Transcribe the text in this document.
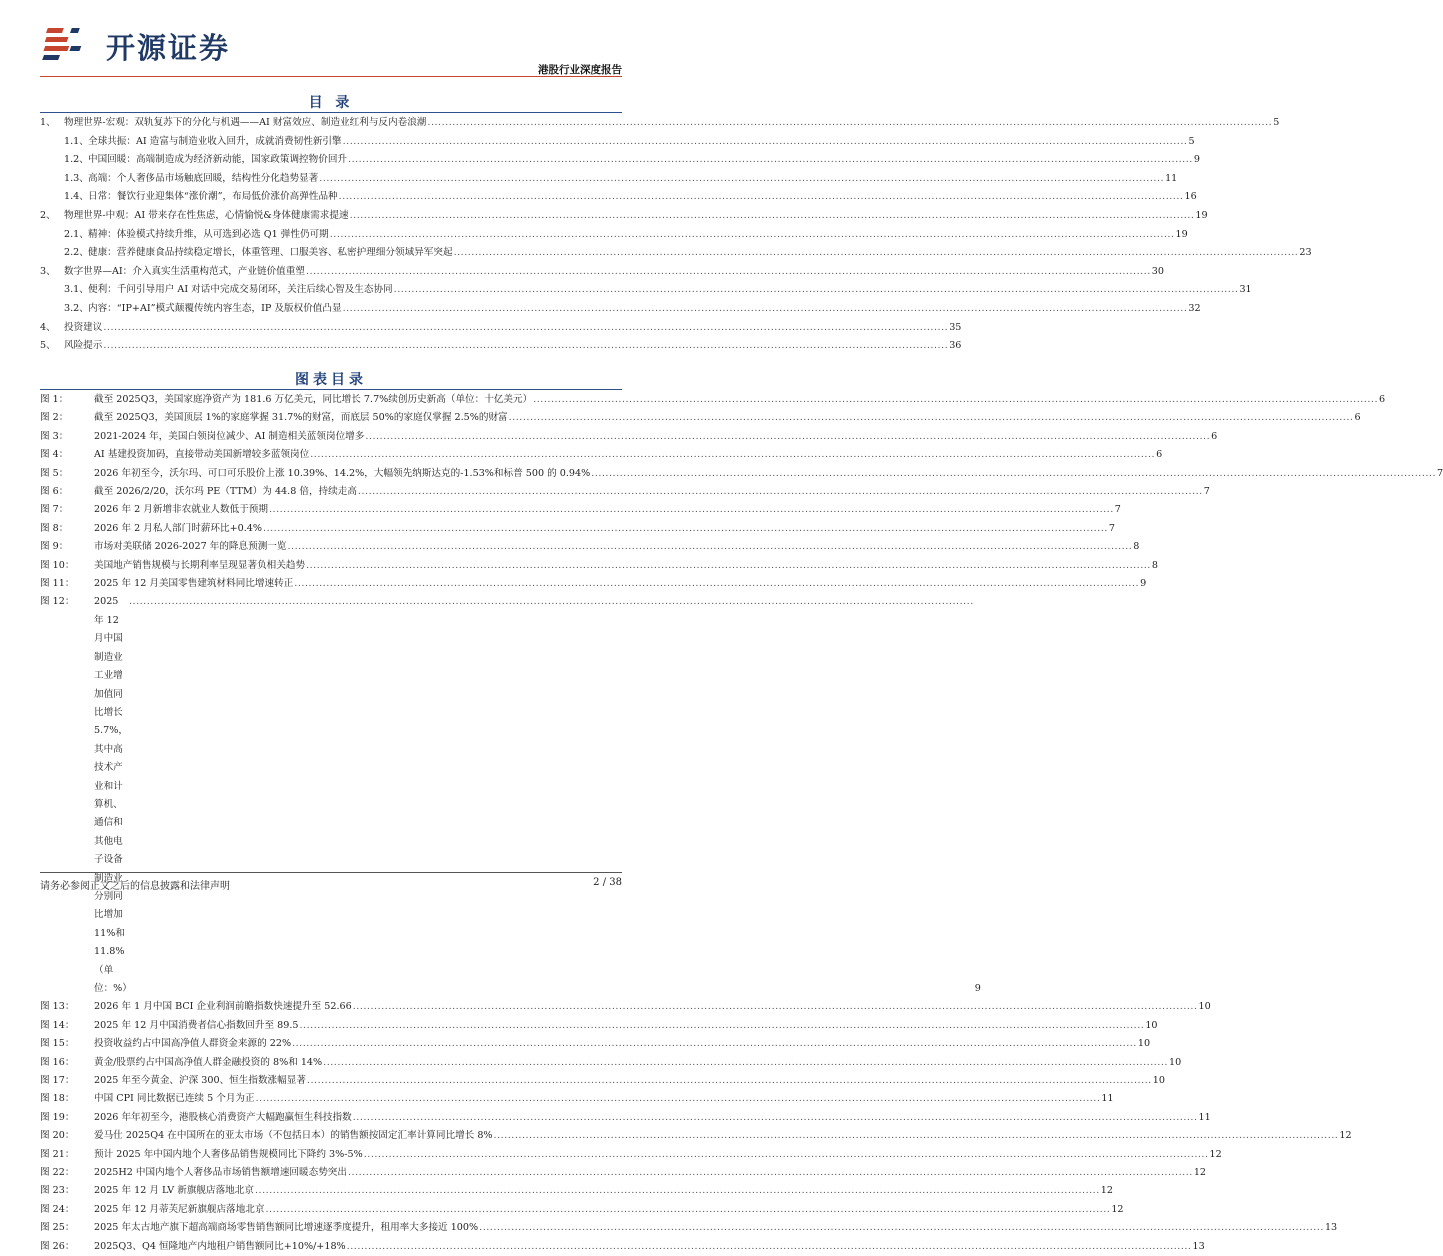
开源证券
港股行业深度报告
目 录
1、 物理世界-宏观：双轨复苏下的分化与机遇——AI 财富效应、制造业红利与反内卷浪潮 .....	5
1.1、 全球共振：AI 造富与制造业收入回升，成就消费韧性新引擎 .....	5
1.2、 中国回暖：高端制造成为经济新动能，国家政策调控物价回升 .....	9
1.3、 高端：个人奢侈品市场触底回暖，结构性分化趋势显著 .....	11
1.4、 日常：餐饮行业迎集体“涨价潮”，布局低价涨价高弹性品种 .....	16
2、 物理世界-中观：AI 带来存在性焦虑，心情愉悦&身体健康需求提速 .....	19
2.1、 精神：体验模式持续升维，从可选到必选 Q1 弹性仍可期 .....	19
2.2、 健康：营养健康食品持续稳定增长，体重管理、口服美容、私密护理细分领域异军突起 .....	23
3、 数字世界—AI：介入真实生活重构范式，产业链价值重塑 .....	30
3.1、 便利：千问引导用户 AI 对话中完成交易闭环，关注后续心智及生态协同 .....	31
3.2、 内容：“IP+AI”模式颠覆传统内容生态，IP 及版权价值凸显 .....	32
4、 投资建议 .....	35
5、 风险提示 .....	36
图表目录
图 1：	截至 2025Q3，美国家庭净资产为 181.6 万亿美元，同比增长 7.7%续创历史新高（单位：十亿美元） .....	6
图 2：	截至 2025Q3，美国顶层 1%的家庭掌握 31.7%的财富，而底层 50%的家庭仅掌握 2.5%的财富 .....	6
图 3：	2021-2024 年，美国白领岗位减少、AI 制造相关蓝领岗位增多 .....	6
图 4：	AI 基建投资加码，直接带动美国新增较多蓝领岗位 .....	6
图 5：	2026 年初至今，沃尔玛、可口可乐股价上涨 10.39%、14.2%，大幅领先纳斯达克的-1.53%和标普 500 的 0.94% .....	7
图 6：	截至 2026/2/20，沃尔玛 PE（TTM）为 44.8 倍，持续走高 .....	7
图 7：	2026 年 2 月新增非农就业人数低于预期 .....	7
图 8：	2026 年 2 月私人部门时薪环比+0.4% .....	7
图 9：	市场对美联储 2026-2027 年的降息预测一览 .....	8
图 10：	美国地产销售规模与长期利率呈现显著负相关趋势 .....	8
图 11：	2025 年 12 月美国零售建筑材料同比增速转正 .....	9
图 12：	2025 年 12 月中国制造业工业增加值同比增长 5.7%，其中高技术产业和计算机、通信和其他电子设备制造业分别同比增加 11%和 11.8%（单位：%） .....	9
图 13：	2026 年 1 月中国 BCI 企业利润前瞻指数快速提升至 52.66 .....	10
图 14：	2025 年 12 月中国消费者信心指数回升至 89.5 .....	10
图 15：	投资收益约占中国高净值人群资金来源的 22% .....	10
图 16：	黄金/股票约占中国高净值人群金融投资的 8%和 14% .....	10
图 17：	2025 年至今黄金、沪深 300、恒生指数涨幅显著 .....	10
图 18：	中国 CPI 同比数据已连续 5 个月为正 .....	11
图 19：	2026 年年初至今，港股核心消费资产大幅跑赢恒生科技指数 .....	11
图 20：	爱马仕 2025Q4 在中国所在的亚太市场（不包括日本）的销售额按固定汇率计算同比增长 8% .....	12
图 21：	预计 2025 年中国内地个人奢侈品销售规模同比下降约 3%-5% .....	12
图 22：	2025H2 中国内地个人奢侈品市场销售额增速回暖态势突出 .....	12
图 23：	2025 年 12 月 LV 新旗舰店落地北京 .....	12
图 24：	2025 年 12 月蒂芙尼新旗舰店落地北京 .....	12
图 25：	2025 年太古地产旗下超高端商场零售销售额同比增速逐季度提升，租用率大多接近 100% .....	13
图 26：	2025Q3、Q4 恒隆地产内地租户销售额同比+10%/+18% .....	13
请务必参阅正文之后的信息披露和法律声明	2 / 38
